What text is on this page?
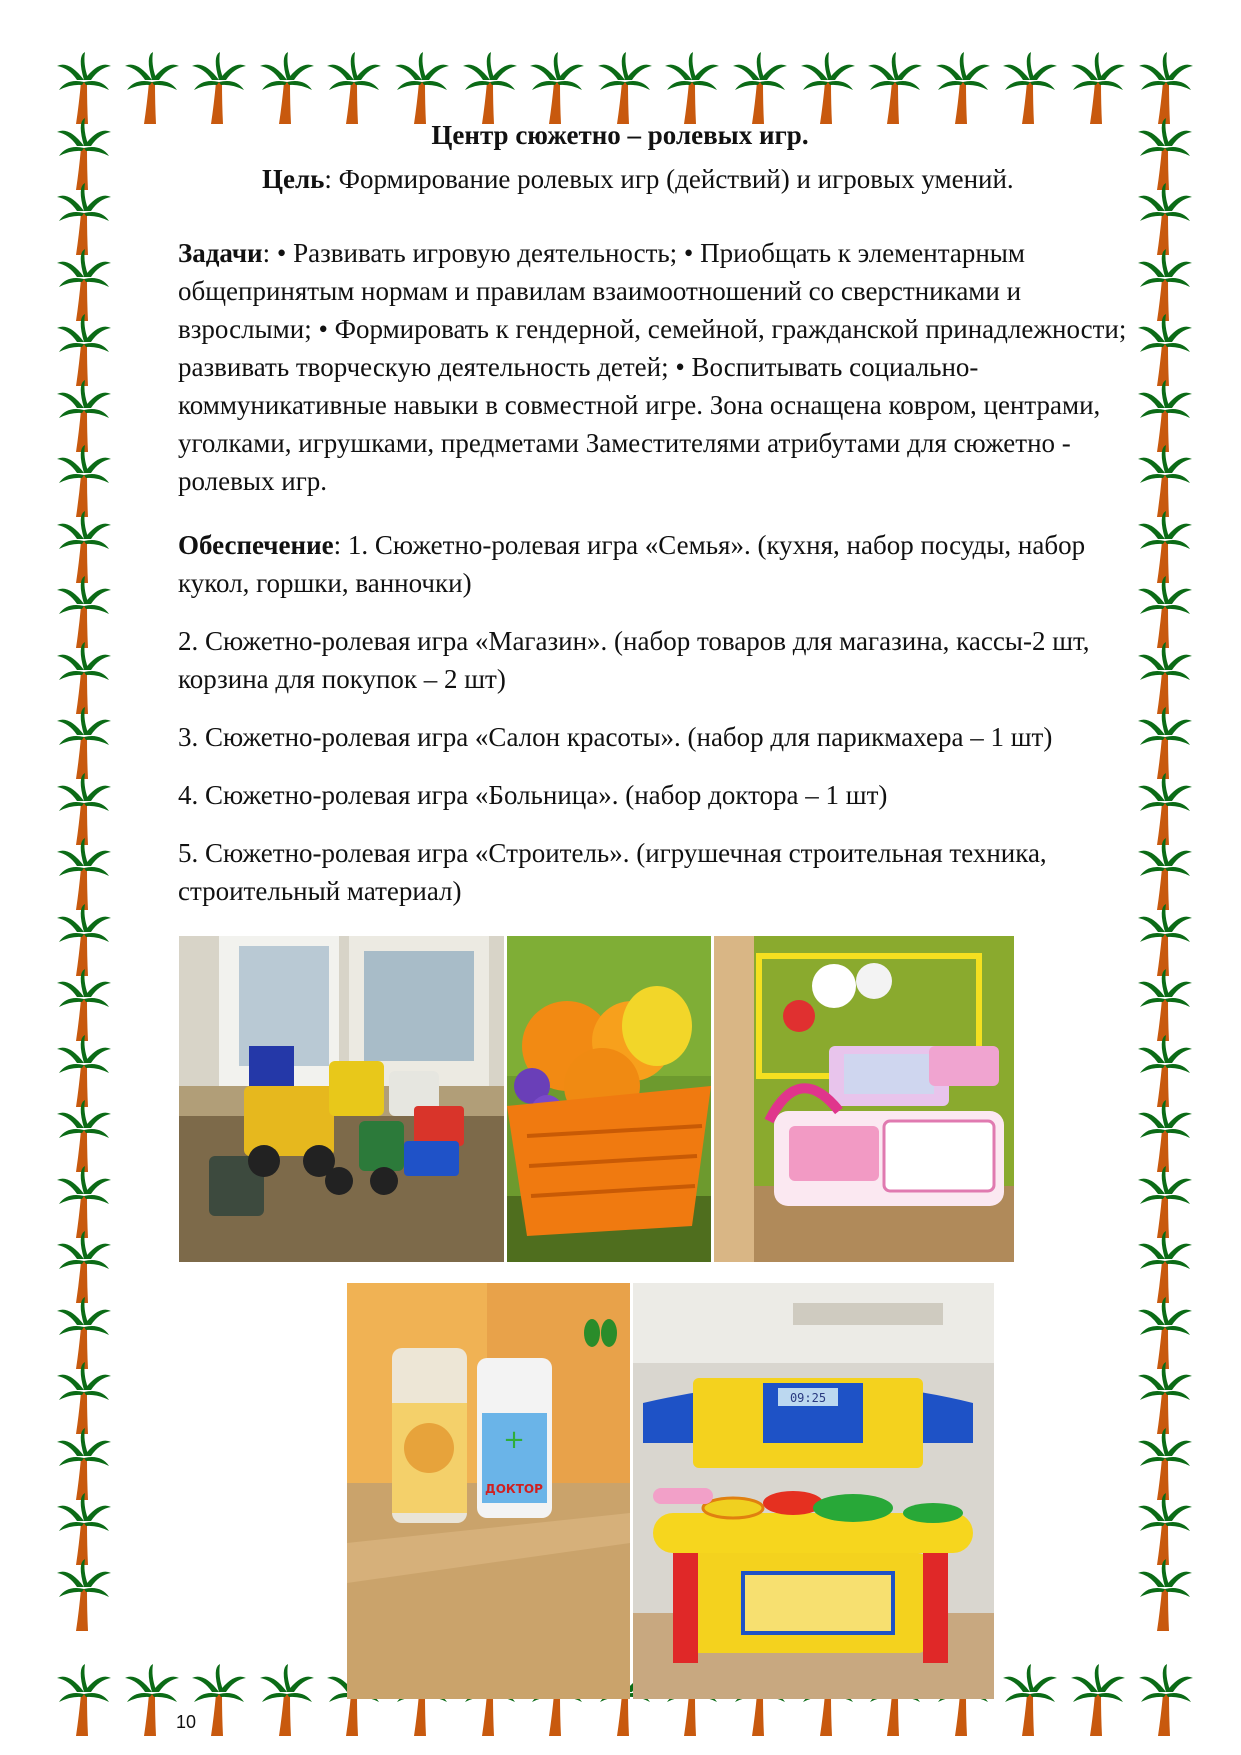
Центр сюжетно – ролевых игр.
Цель: Формирование ролевых игр (действий) и игровых умений.
Задачи: • Развивать игровую деятельность; • Приобщать к элементарным общепринятым нормам и правилам взаимоотношений со сверстниками и взрослыми; • Формировать к гендерной, семейной, гражданской принадлежности; развивать творческую деятельность детей; • Воспитывать социально-коммуникативные навыки в совместной игре. Зона оснащена ковром, центрами, уголками, игрушками, предметами Заместителями атрибутами для сюжетно - ролевых игр.
Обеспечение: 1. Сюжетно-ролевая игра «Семья». (кухня, набор посуды, набор кукол, горшки, ванночки)
2. Сюжетно-ролевая игра «Магазин». (набор товаров для магазина, кассы-2 шт, корзина для покупок – 2 шт)
3. Сюжетно-ролевая игра «Салон красоты». (набор для парикмахера – 1 шт)
4. Сюжетно-ролевая игра «Больница». (набор доктора – 1 шт)
5. Сюжетно-ролевая игра «Строитель». (игрушечная строительная техника, строительный материал)
ДОКТОР
+
09:25
10
